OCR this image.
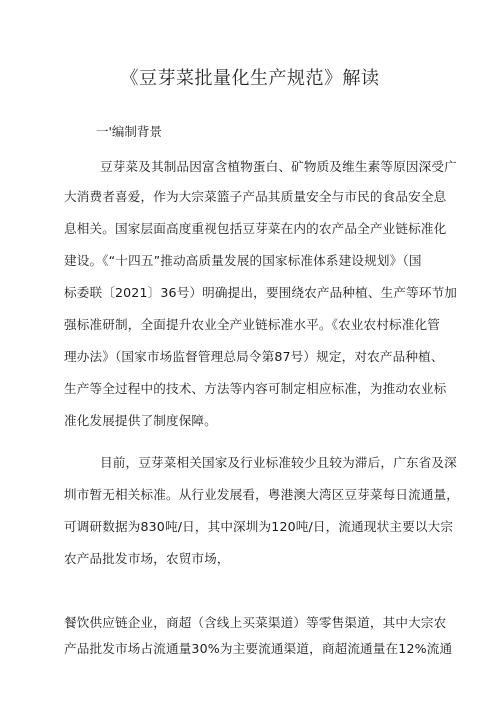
《豆芽菜批量化生产规范》解读
一'编制背景
豆芽菜及其制品因富含植物蛋白、矿物质及维生素等原因深受广
大消费者喜爱，作为大宗菜篮子产品其质量安全与市民的食品安全息
息相关。国家层面高度重视包括豆芽菜在内的农产品全产业链标准化
建设。《“十四五”推动高质量发展的国家标准体系建设规划》（国
标委联〔2021〕36号）明确提出，要围绕农产品种植、生产等环节加
强标准研制，全面提升农业全产业链标准水平。《农业农村标准化管
理办法》（国家市场监督管理总局令第87号）规定，对农产品种植、
生产等全过程中的技术、方法等内容可制定相应标准，为推动农业标
准化发展提供了制度保障。
目前，豆芽菜相关国家及行业标准较少且较为滞后，广东省及深
圳市暂无相关标准。从行业发展看，粤港澳大湾区豆芽菜每日流通量，
可调研数据为830吨/日，其中深圳为120吨/日，流通现状主要以大宗
农产品批发市场，农贸市场，
餐饮供应链企业，商超（含线上买菜渠道）等零售渠道，其中大宗农
产品批发市场占流通量30%为主要流通渠道，商超流通量在12%流通
